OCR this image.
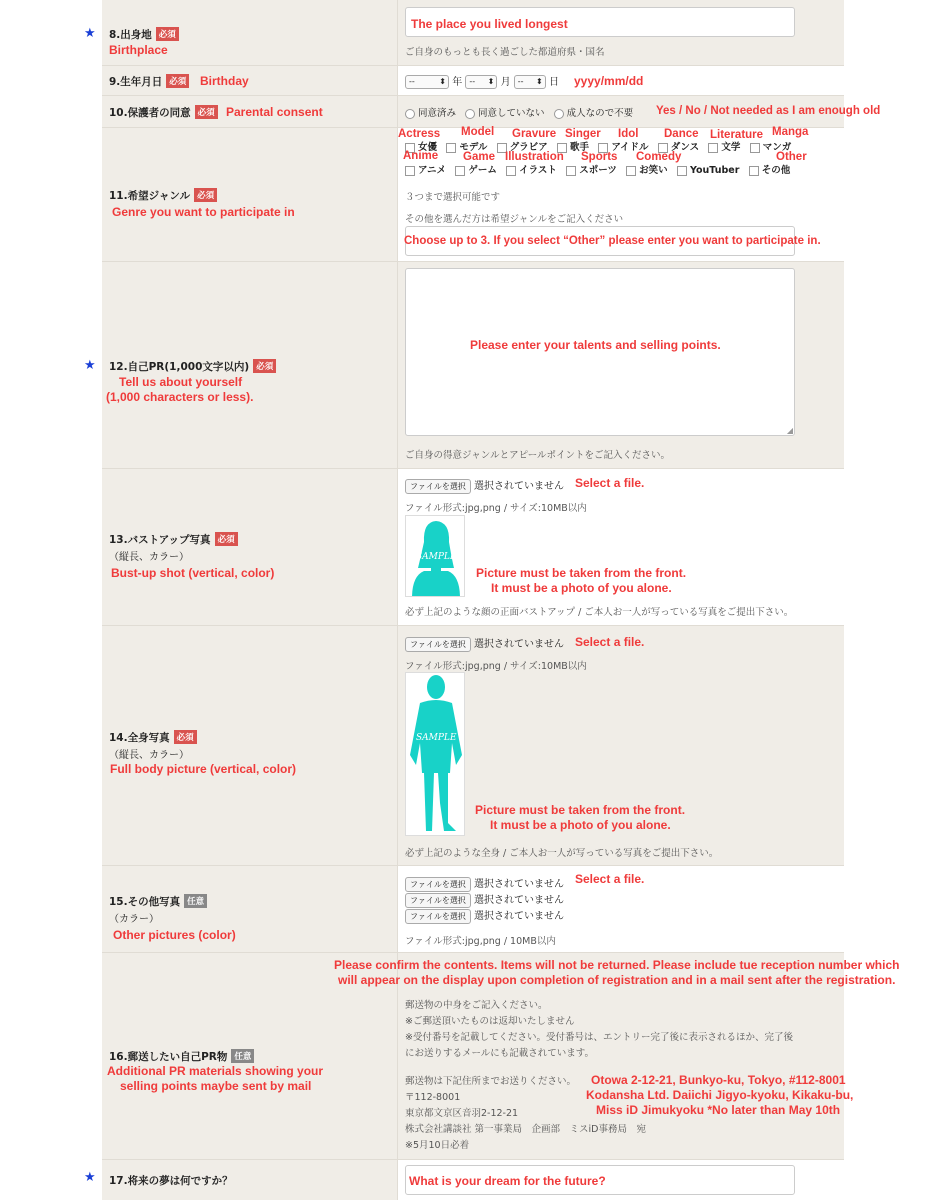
★
★
★
8.出身地 必須
Birthplace
The place you lived longest
ご自身のもっとも長く過ごした都道府県・国名
9.生年月日 必須 Birthday	-- ⬍	年 -- ⬍	月 -- ⬍	日 yyyy/mm/dd
10.保護者の同意 必須 Parental consent	同意済み 同意していない 成人なので不要 Yes / No / Not needed as I am enough old
11.希望ジャンル 必須
Genre you want to participate in
Actress Model Gravure Singer Idol Dance Literature Manga
女優 モデル グラビア 歌手 アイドル ダンス 文学 マンガ
Anime Game Illustration Sports Comedy	Other
アニメ ゲーム イラスト スポーツ お笑い YouTuber その他
３つまで選択可能です
その他を選んだ方は希望ジャンルをご記入ください
Choose up to 3. If you select “Other” please enter you want to participate in.
12.自己PR(1,000文字以内) 必須
Tell us about yourself
(1,000 characters or less).
Please enter your talents and selling points.
◢
ご自身の得意ジャンルとアピールポイントをご記入ください。
13.バストアップ写真 必須
（縦長、カラー）
Bust-up shot (vertical, color)
ファイルを選択 選択されていません Select a file.
ファイル形式:jpg,png / サイズ:10MB以内
SAMPLE
Picture must be taken from the front.
It must be a photo of you alone.
必ず上記のような顔の正面バストアップ / ご本人お一人が写っている写真をご提出下さい。
14.全身写真 必須
（縦長、カラー）
Full body picture (vertical, color)
ファイルを選択 選択されていません Select a file.
ファイル形式:jpg,png / サイズ:10MB以内
SAMPLE
Picture must be taken from the front.
It must be a photo of you alone.
必ず上記のような全身 / ご本人お一人が写っている写真をご提出下さい。
15.その他写真 任意
（カラー）
Other pictures (color)
ファイルを選択 選択されていません Select a file.
ファイルを選択 選択されていません
ファイルを選択 選択されていません
ファイル形式:jpg,png / 10MB以内
16.郵送したい自己PR物 任意
Additional PR materials showing your
selling points maybe sent by mail
郵送物の中身をご記入ください。
※ご郵送頂いたものは返却いたしません
※受付番号を記載してください。受付番号は、エントリー完了後に表示されるほか、完了後
にお送りするメールにも記載されています。
郵送物は下記住所までお送りください。
〒112-8001
東京都文京区音羽2-12-21
株式会社講談社 第一事業局　企画部　ミスiD事務局　宛
※5月10日必着
Otowa 2-12-21, Bunkyo-ku, Tokyo, #112-8001
Kodansha Ltd. Daiichi Jigyo-kyoku, Kikaku-bu,
Miss iD Jimukyoku *No later than May 10th
17.将来の夢は何ですか？	What is your dream for the future?
Please confirm the contents. Items will not be returned. Please include tue reception number which
will appear on the display upon completion of registration and in a mail sent after the registration.
